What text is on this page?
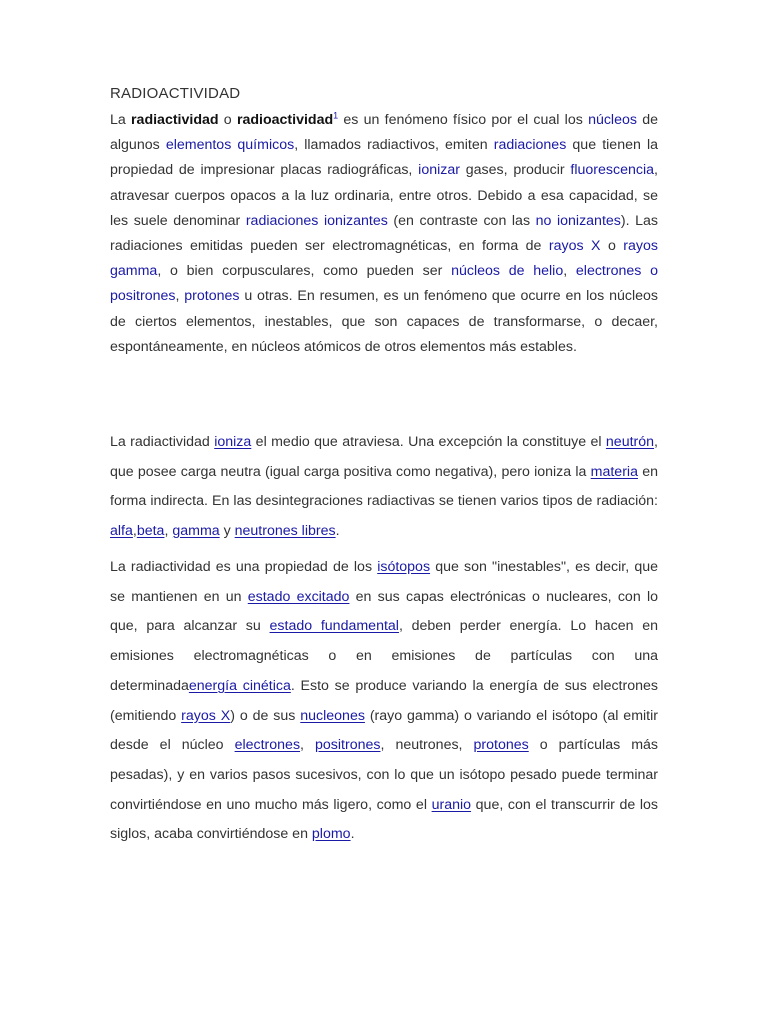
RADIOACTIVIDAD

La radiactividad o radioactividad$^1$ es un fenómeno físico por el cual los núcleos de algunos elementos químicos, llamados radiactivos, emiten radiaciones que tienen la propiedad de impresionar placas radiográficas, ionizar gases, producir fluorescencia, atravesar cuerpos opacos a la luz ordinaria, entre otros. Debido a esa capacidad, se les suele denominar radiaciones ionizantes (en contraste con las no ionizantes). Las radiaciones emitidas pueden ser electromagnéticas, en forma de rayos X o rayos gamma, o bien corpusculares, como pueden ser núcleos de helio, electrones o positrones, protones u otras. En resumen, es un fenómeno que ocurre en los núcleos de ciertos elementos, inestables, que son capaces de transformarse, o decaer, espontáneamente, en núcleos atómicos de otros elementos más estables.

La radiactividad ioniza el medio que atraviesa. Una excepción la constituye el neutrón, que posee carga neutra (igual carga positiva como negativa), pero ioniza la materia en forma indirecta. En las desintegraciones radiactivas se tienen varios tipos de radiación: alfa,beta, gamma y neutrones libres.

La radiactividad es una propiedad de los isótopos que son "inestables", es decir, que se mantienen en un estado excitado en sus capas electrónicas o nucleares, con lo que, para alcanzar su estado fundamental, deben perder energía. Lo hacen en emisiones electromagnéticas o en emisiones de partículas con una determinadaenergía cinética. Esto se produce variando la energía de sus electrones (emitiendo rayos X) o de sus nucleones (rayo gamma) o variando el isótopo (al emitir desde el núcleo electrones, positrones, neutrones, protones o partículas más pesadas), y en varios pasos sucesivos, con lo que un isótopo pesado puede terminar convirtiéndose en uno mucho más ligero, como el uranio que, con el transcurrir de los siglos, acaba convirtiéndose en plomo.
